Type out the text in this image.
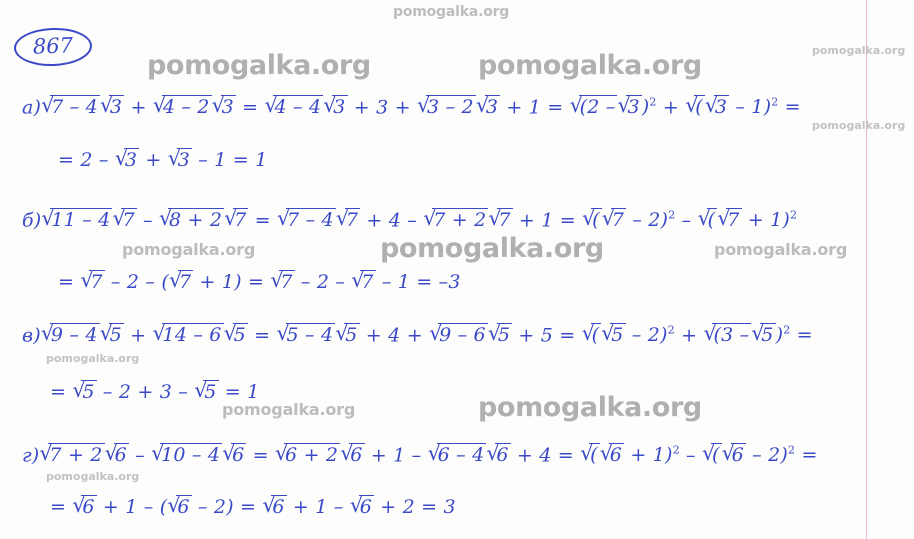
867
pomogalka.org
pomogalka.org	pomogalka.org	pomogalka.org
pomogalka.org
pomogalka.org	pomogalka.org	pomogalka.org
pomogalka.org
pomogalka.org	pomogalka.org
pomogalka.org
а) √ 7 – 4 √ 3 + √ 4 – 2 √ 3 = √ 4 – 4 √ 3 + 3 + √ 3 – 2 √ 3 + 1 = √ (2 –√ 3 )$^2$ + √ ( √ 3 – 1)$^2$ =
= 2 – √ 3 + √ 3 – 1 = 1
б) √ 11 – 4 √ 7 – √ 8 + 2 √ 7 = √ 7 – 4 √ 7 + 4 – √ 7 + 2 √ 7 + 1 = √ ( √ 7 – 2)$^2$ – √ ( √ 7 + 1)$^2$
= √ 7 – 2 – ( √ 7 + 1) = √ 7 – 2 – √ 7 – 1 = –3
в) √ 9 – 4 √ 5 + √ 14 – 6 √ 5 = √ 5 – 4 √ 5 + 4 + √ 9 – 6 √ 5 + 5 = √ ( √ 5 – 2)$^2$ + √ (3 –√ 5 )$^2$ =
= √ 5 – 2 + 3 – √ 5 = 1
г) √ 7 + 2 √ 6 – √ 10 – 4 √ 6 = √ 6 + 2 √ 6 + 1 – √ 6 – 4 √ 6 + 4 = √ ( √ 6 + 1)$^2$ – √ ( √ 6 – 2)$^2$ =
= √ 6 + 1 – ( √ 6 – 2) = √ 6 + 1 – √ 6 + 2 = 3
